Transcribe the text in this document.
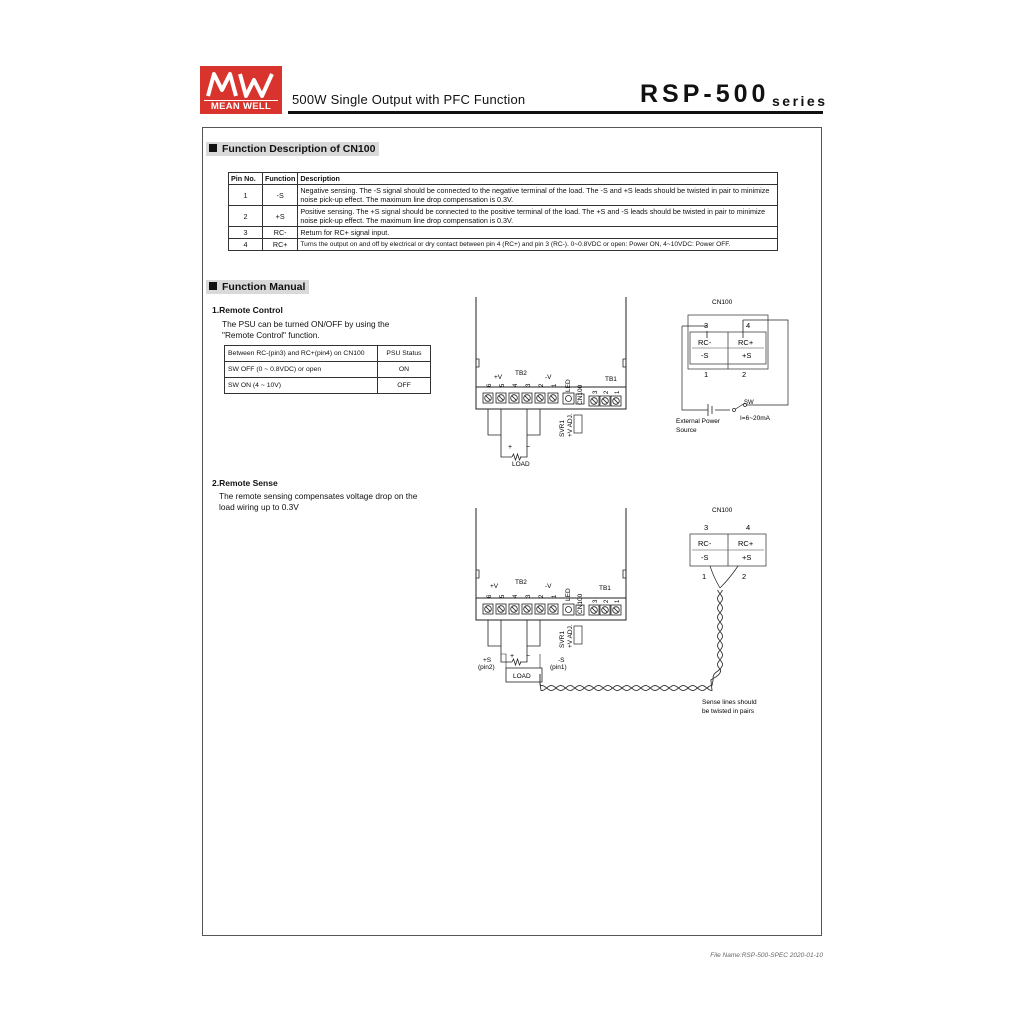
MEAN WELL	500W Single Output with PFC Function	RSP-500 series
Function Description of CN100
Pin No.	Function	Description
1	-S	Negative sensing. The -S signal should be connected to the negative terminal of the load. The -S and +S leads should be twisted in pair to minimize noise pick-up effect. The maximum line drop compensation is 0.3V.
2	+S	Positive sensing. The +S signal should be connected to the positive terminal of the load. The +S and -S leads should be twisted in pair to minimize noise pick-up effect. The maximum line drop compensation is 0.3V.
3	RC-	Return for RC+ signal input.
4	RC+	Turns the output on and off by electrical or dry contact between pin 4 (RC+) and pin 3 (RC-). 0~0.8VDC or open: Power ON, 4~10VDC: Power OFF.
Function Manual
1.Remote Control
The PSU can be turned ON/OFF by using the
"Remote Control" function.
Between RC-(pin3) and RC+(pin4) on CN100	PSU Status
SW OFF (0 ~ 0.8VDC) or open	ON
SW ON (4 ~ 10V)	OFF
2.Remote Sense
The remote sensing compensates voltage drop on the
load wiring up to 0.3V
+V
TB2
-V	TB1
6 5 4 3 2 1
3 2 1
LED CN100
SVR1 +V ADJ.
+ −
LOAD
CN100
3	4
RC-	RC+
-S	+S
1	2
SW
I=6~20mA
External Power
Source
+V
TB2
-V	TB1
6 5 4 3 2 1
3 2 1
LED CN100
SVR1 +V ADJ.
+ −
LOAD
+S
(pin2)
-S
(pin1)
CN100
3	4
RC-	RC+
-S	+S
1	2
Sense lines should
be twisted in pairs
File Name:RSP-500-SPEC 2020-01-10
